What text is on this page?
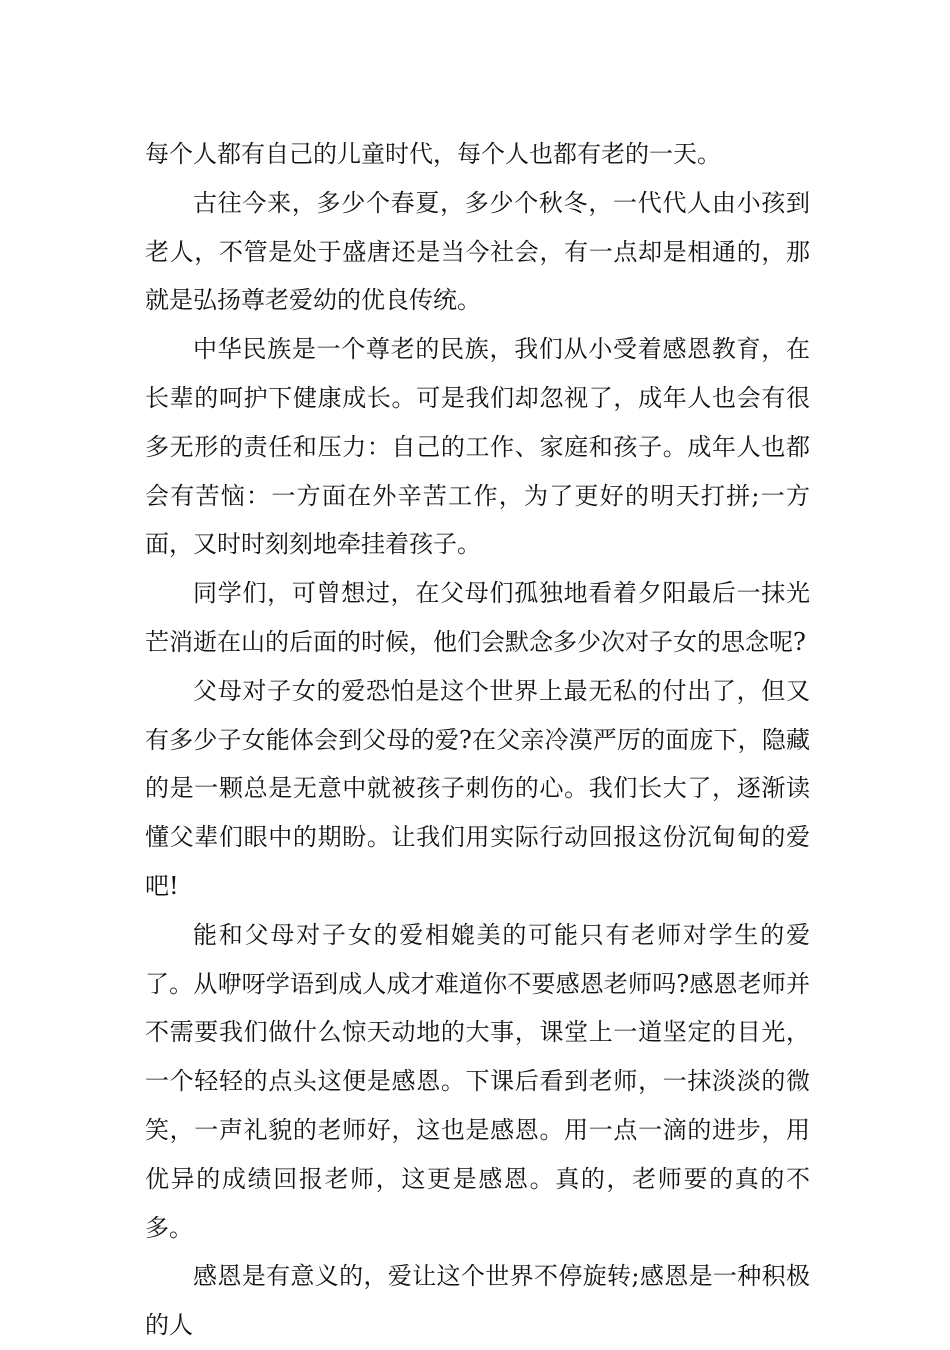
每个人都有自己的儿童时代，每个人也都有老的一天。

古往今来，多少个春夏，多少个秋冬，一代代人由小孩到老人，不管是处于盛唐还是当今社会，有一点却是相通的，那就是弘扬尊老爱幼的优良传统。

中华民族是一个尊老的民族，我们从小受着感恩教育，在长辈的呵护下健康成长。可是我们却忽视了，成年人也会有很多无形的责任和压力：自己的工作、家庭和孩子。成年人也都会有苦恼：一方面在外辛苦工作，为了更好的明天打拼;一方面，又时时刻刻地牵挂着孩子。

同学们，可曾想过，在父母们孤独地看着夕阳最后一抹光芒消逝在山的后面的时候，他们会默念多少次对子女的思念呢?

父母对子女的爱恐怕是这个世界上最无私的付出了，但又有多少子女能体会到父母的爱?在父亲冷漠严厉的面庞下，隐藏的是一颗总是无意中就被孩子刺伤的心。我们长大了，逐渐读懂父辈们眼中的期盼。让我们用实际行动回报这份沉甸甸的爱吧!

能和父母对子女的爱相媲美的可能只有老师对学生的爱了。从咿呀学语到成人成才难道你不要感恩老师吗?感恩老师并不需要我们做什么惊天动地的大事，课堂上一道坚定的目光，一个轻轻的点头这便是感恩。下课后看到老师，一抹淡淡的微笑，一声礼貌的老师好，这也是感恩。用一点一滴的进步，用优异的成绩回报老师，这更是感恩。真的，老师要的真的不多。

感恩是有意义的，爱让这个世界不停旋转;感恩是一种积极的人
